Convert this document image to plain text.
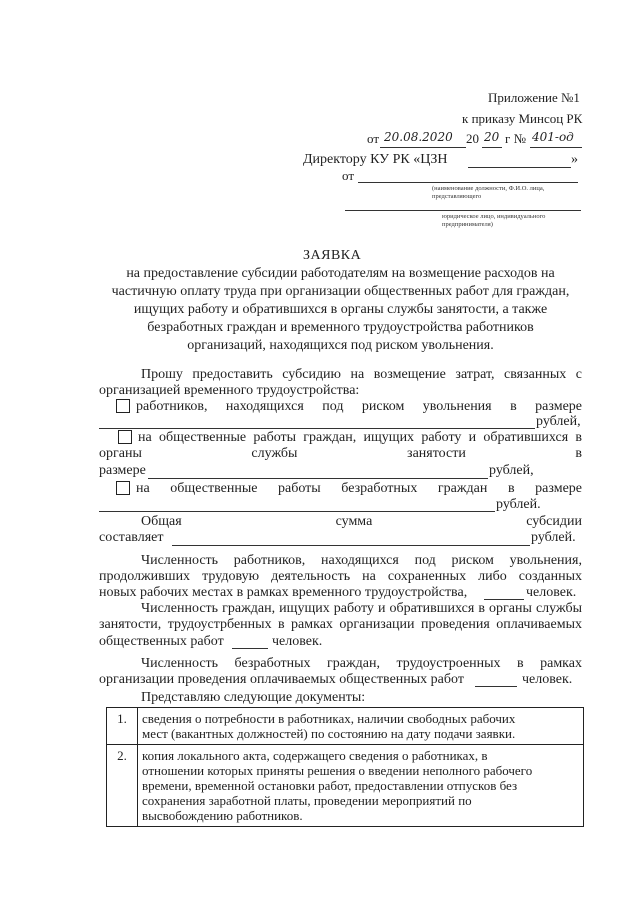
Приложение №1
к приказу Минсоц РК
от 20.08.2020 20 20 г № 401-од
Директору КУ РК «ЦЗН	»
от
(наименование должности, Ф.И.О. лица, представляющего
юридическое лицо, индивидуального предпринимателя)
ЗАЯВКА
на предоставление субсидии работодателям на возмещение расходов на
частичную оплату труда при организации общественных работ для граждан,
ищущих работу и обратившихся в органы службы занятости, а также
безработных граждан и временного трудоустройства работников
организаций, находящихся под риском увольнения.
Прошу предоставить субсидию на возмещение затрат, связанных с
организацией временного трудоустройства:
работников, находящихся под риском увольнения в размере
рублей,
на общественные работы граждан, ищущих работу и обратившихся в
органы службы занятости в
размере	рублей,
на общественные работы безработных граждан в размере
рублей.
Общая сумма субсидии
составляет	рублей.
Численность работников, находящихся под риском увольнения,
продолживших трудовую деятельность на сохраненных либо созданных
новых рабочих местах в рамках временного трудоустройства,	человек.
Численность граждан, ищущих работу и обратившихся в органы службы
занятости, трудоустрбенных в рамках организации проведения оплачиваемых
общественных работ	человек.
Численность безработных граждан, трудоустроенных в рамках
организации проведения оплачиваемых общественных работ	человек.
Представляю следующие документы:
1.	сведения о потребности в работниках, наличии свободных рабочих
мест (вакантных должностей) по состоянию на дату подачи заявки.

2.	копия локального акта, содержащего сведения о работниках, в
отношении которых приняты решения о введении неполного рабочего
времени, временной остановки работ, предоставлении отпусков без
сохранения заработной платы, проведении мероприятий по
высвобождению работников.
